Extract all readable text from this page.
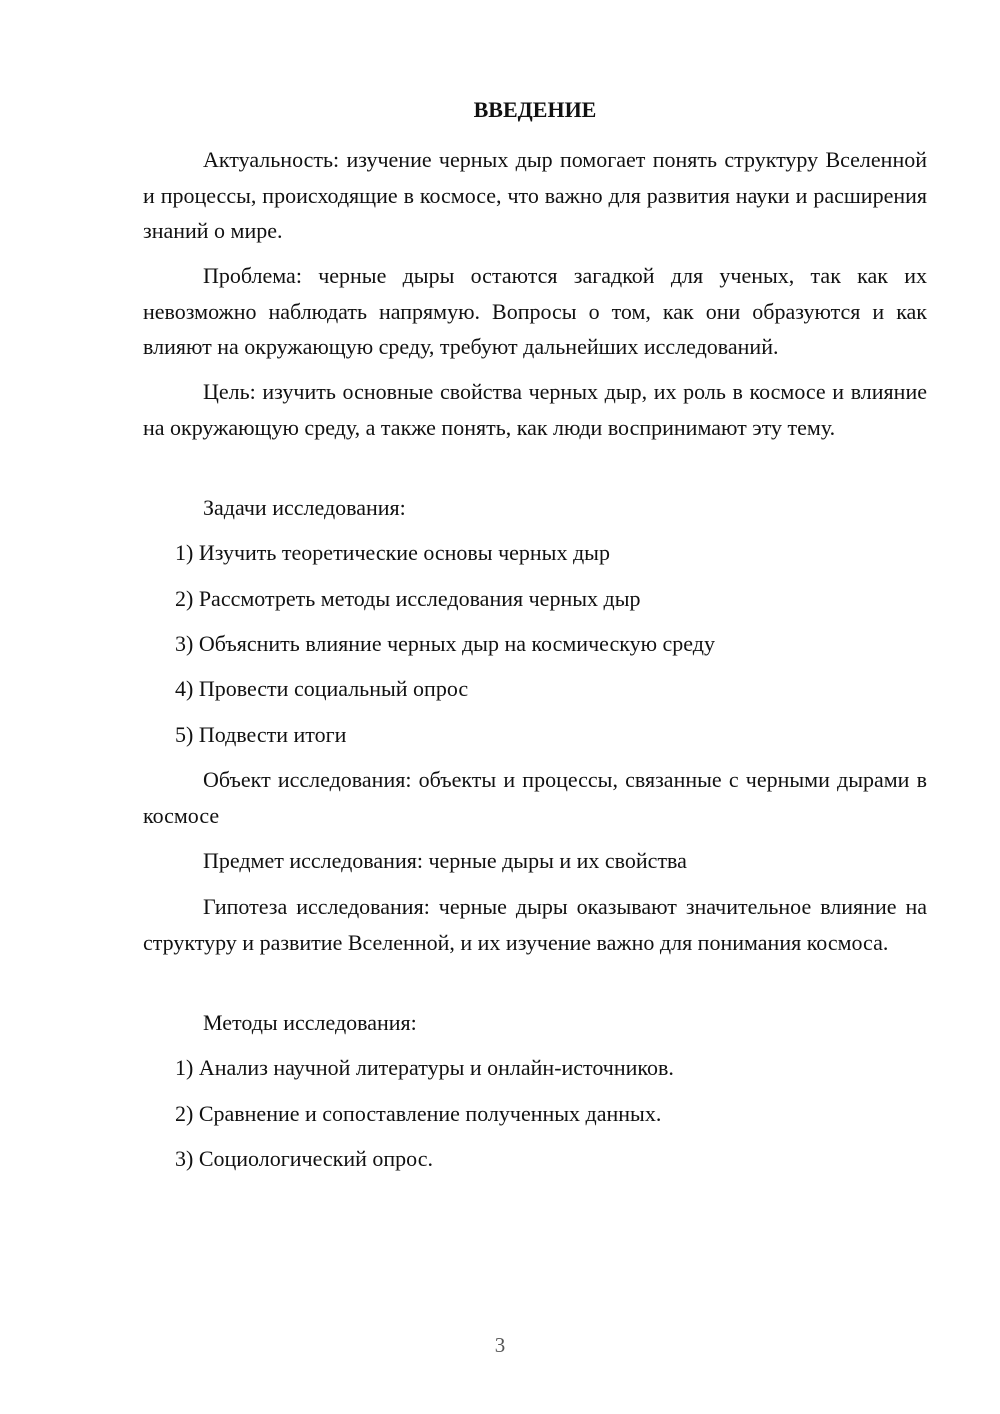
ВВЕДЕНИЕ

Актуальность: изучение черных дыр помогает понять структуру Вселенной и процессы, происходящие в космосе, что важно для развития науки и расширения знаний о мире.

Проблема: черные дыры остаются загадкой для ученых, так как их невозможно наблюдать напрямую. Вопросы о том, как они образуются и как влияют на окружающую среду, требуют дальнейших исследований.

Цель: изучить основные свойства черных дыр, их роль в космосе и влияние на окружающую среду, а также понять, как люди воспринимают эту тему.

Задачи исследования:

1) Изучить теоретические основы черных дыр

2) Рассмотреть методы исследования черных дыр

3) Объяснить влияние черных дыр на космическую среду

4) Провести социальный опрос

5) Подвести итоги

Объект исследования: объекты и процессы, связанные с черными дырами в космосе

Предмет исследования: черные дыры и их свойства

Гипотеза исследования: черные дыры оказывают значительное влияние на структуру и развитие Вселенной, и их изучение важно для понимания космоса.

Методы исследования:

1) Анализ научной литературы и онлайн-источников.

2) Сравнение и сопоставление полученных данных.

3) Социологический опрос.

3
